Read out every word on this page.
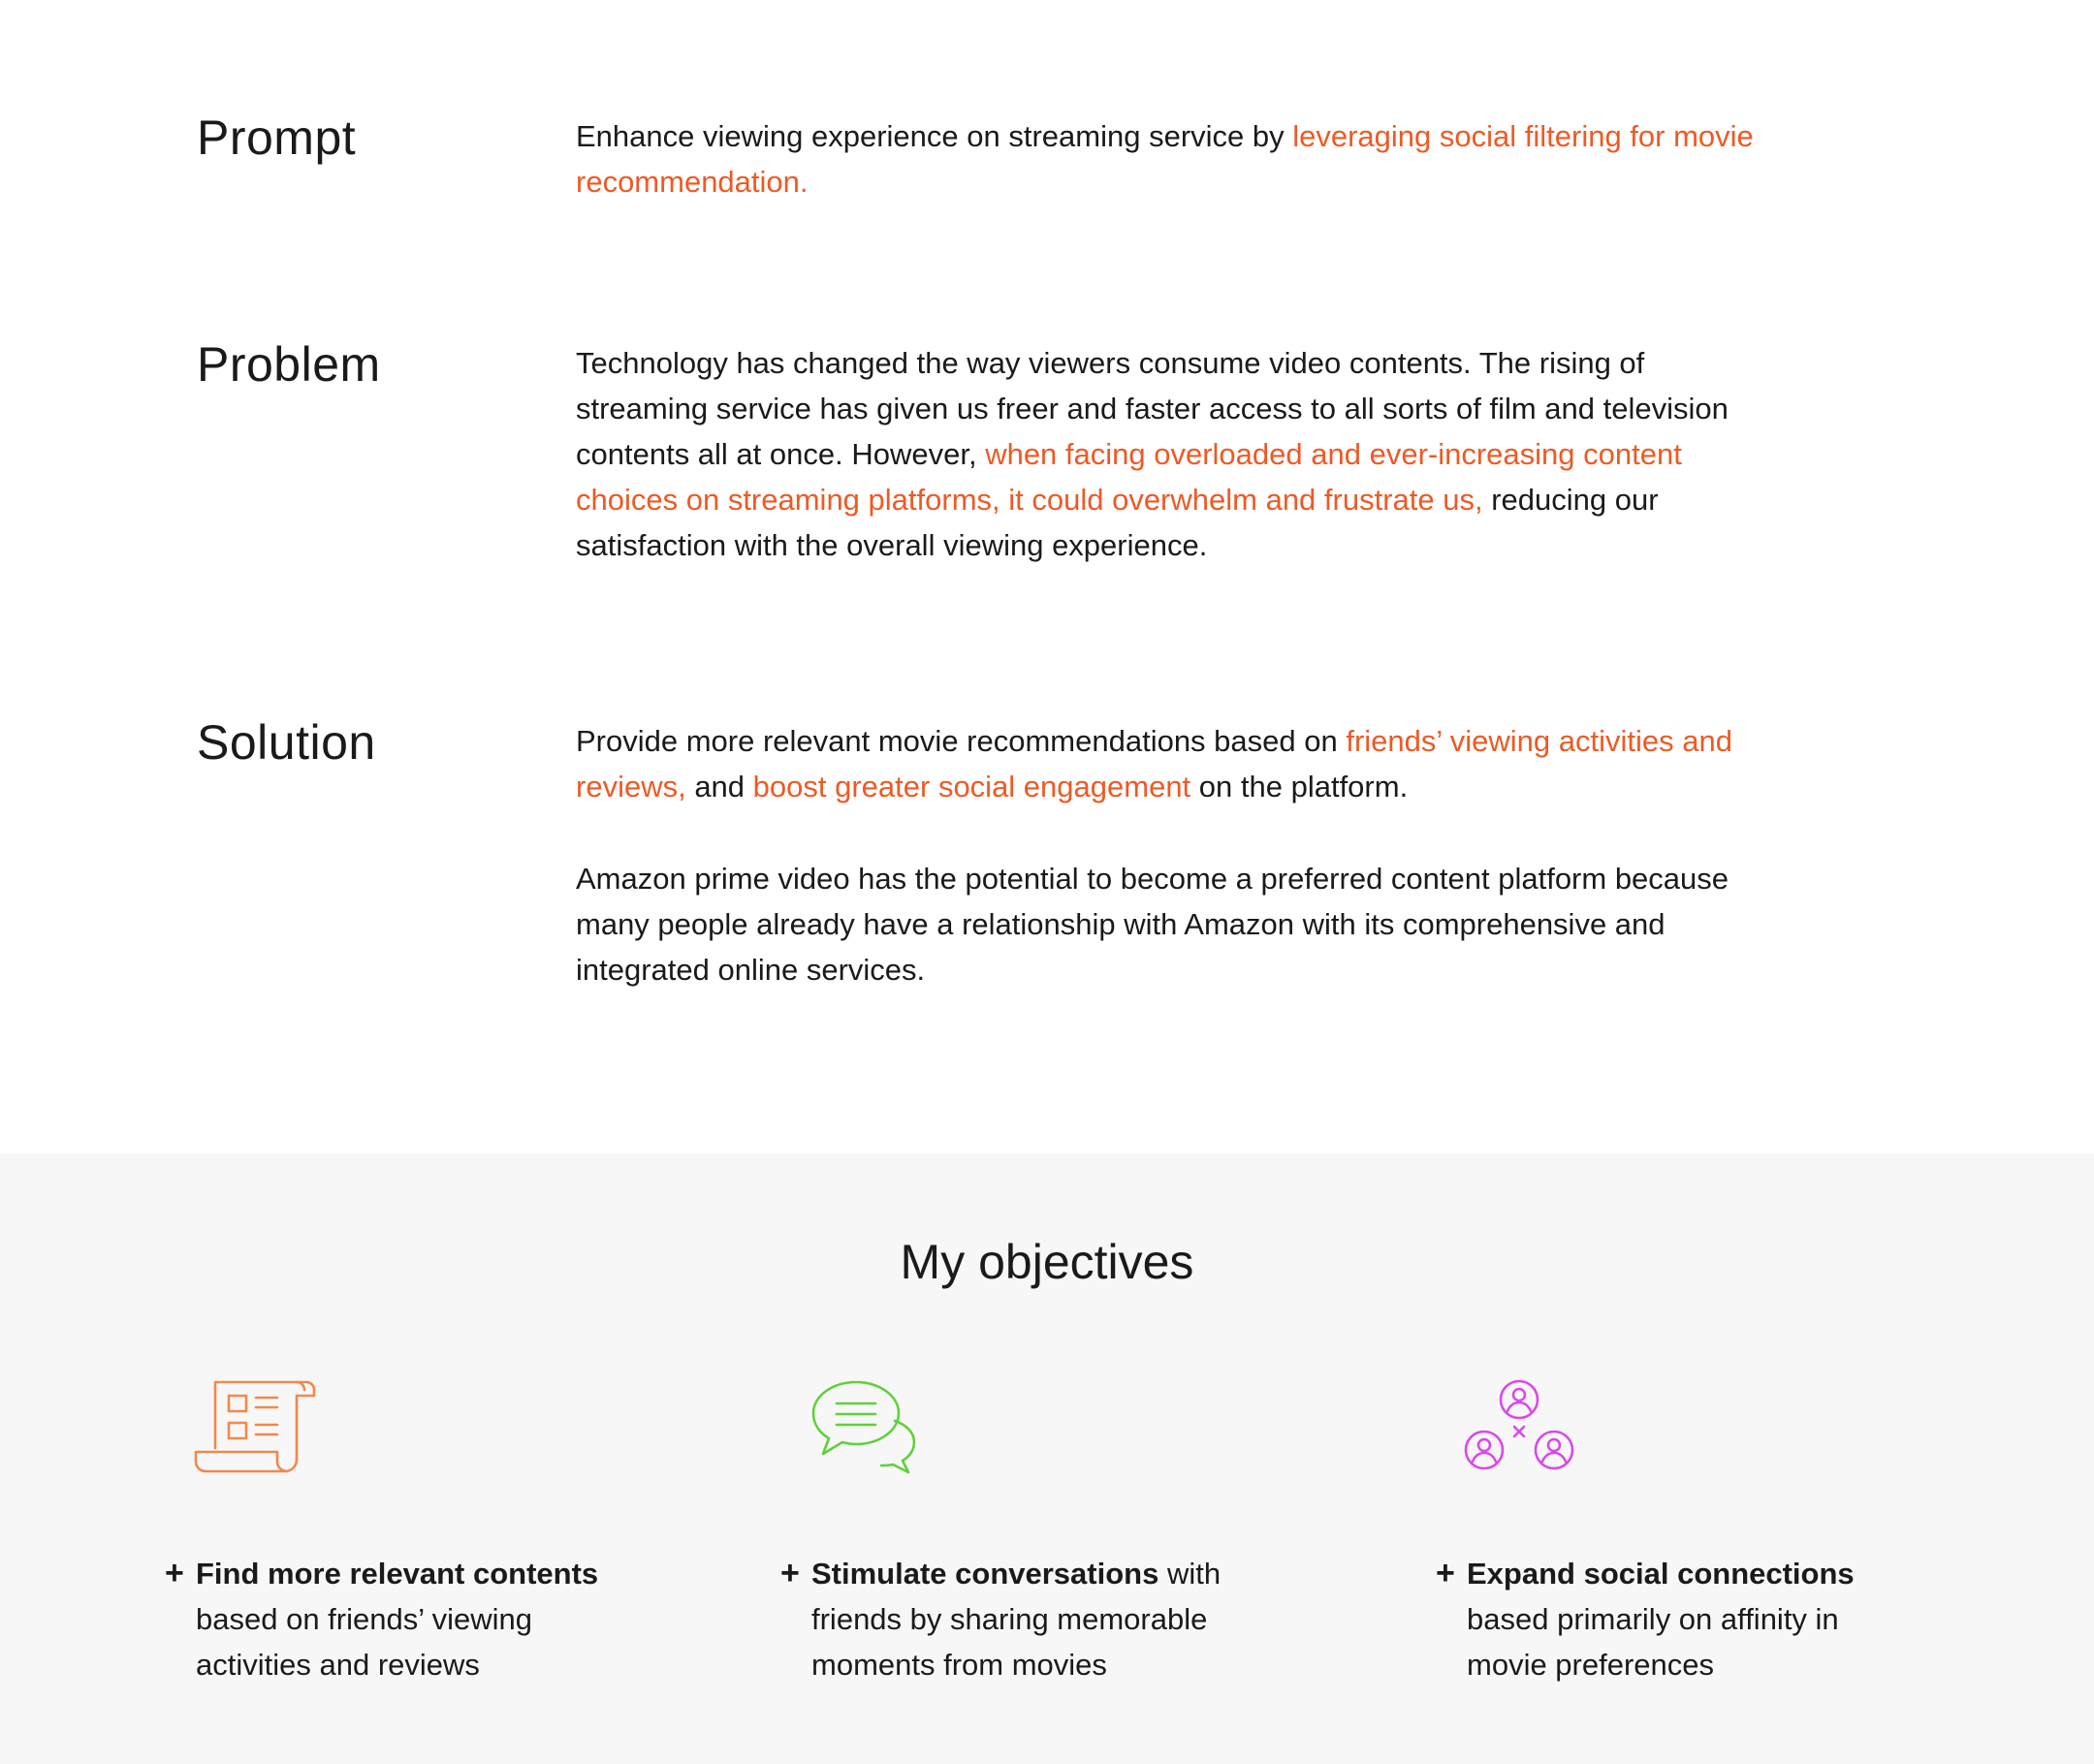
Prompt	Enhance viewing experience on streaming service by leveraging social filtering for movie recommendation.

Problem	Technology has changed the way viewers consume video contents. The rising of streaming service has given us freer and faster access to all sorts of film and television contents all at once. However, when facing overloaded and ever-increasing content choices on streaming platforms, it could overwhelm and frustrate us, reducing our satisfaction with the overall viewing experience.

Solution	Provide more relevant movie recommendations based on friends’ viewing activities and reviews, and boost greater social engagement on the platform.

Amazon prime video has the potential to become a preferred content platform because many people already have a relationship with Amazon with its comprehensive and integrated online services.

My objectives
+ Find more relevant contents
based on friends’ viewing
activities and reviews
+ Stimulate conversations with
friends by sharing memorable moments from movies
+ Expand social connections
based primarily on affinity in
movie preferences
